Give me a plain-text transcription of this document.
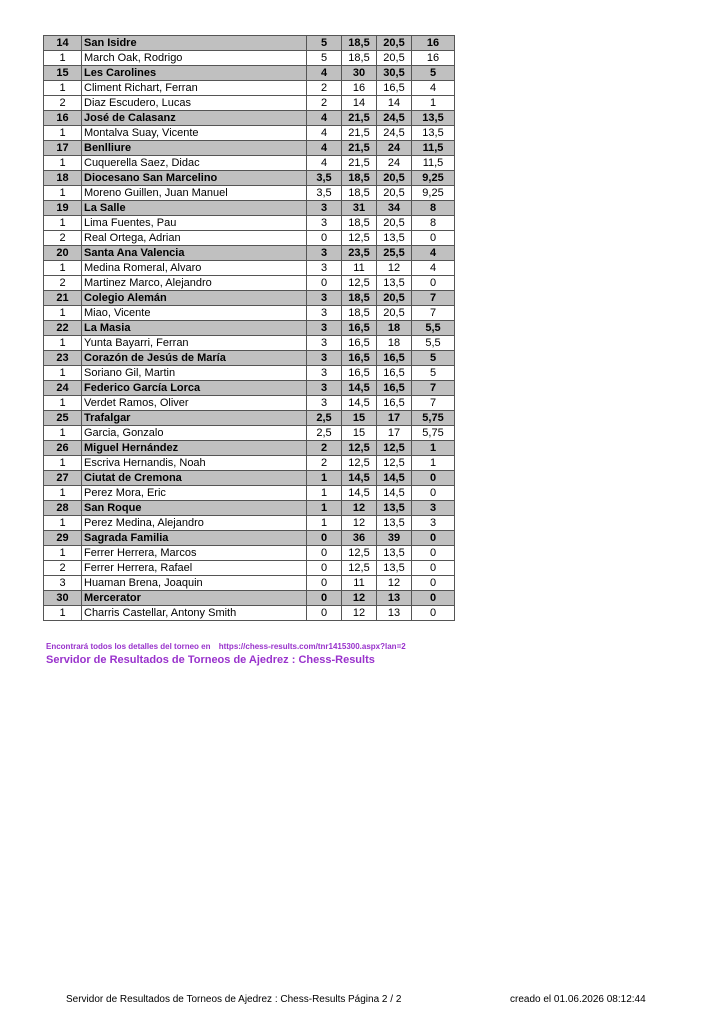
14	San Isidre	5	18,5	20,5	16
1	March Oak, Rodrigo	5	18,5	20,5	16
15	Les Carolines	4	30	30,5	5
1	Climent Richart, Ferran	2	16	16,5	4
2	Diaz Escudero, Lucas	2	14	14	1
16	José de Calasanz	4	21,5	24,5	13,5
1	Montalva Suay, Vicente	4	21,5	24,5	13,5
17	Benlliure	4	21,5	24	11,5
1	Cuquerella Saez, Didac	4	21,5	24	11,5
18	Diocesano San Marcelino	3,5	18,5	20,5	9,25
1	Moreno Guillen, Juan Manuel	3,5	18,5	20,5	9,25
19	La Salle	3	31	34	8
1	Lima Fuentes, Pau	3	18,5	20,5	8
2	Real Ortega, Adrian	0	12,5	13,5	0
20	Santa Ana Valencia	3	23,5	25,5	4
1	Medina Romeral, Alvaro	3	11	12	4
2	Martinez Marco, Alejandro	0	12,5	13,5	0
21	Colegio Alemán	3	18,5	20,5	7
1	Miao, Vicente	3	18,5	20,5	7
22	La Masia	3	16,5	18	5,5
1	Yunta Bayarri, Ferran	3	16,5	18	5,5
23	Corazón de Jesús de María	3	16,5	16,5	5
1	Soriano Gil, Martin	3	16,5	16,5	5
24	Federico García Lorca	3	14,5	16,5	7
1	Verdet Ramos, Oliver	3	14,5	16,5	7
25	Trafalgar	2,5	15	17	5,75
1	Garcia, Gonzalo	2,5	15	17	5,75
26	Miguel Hernández	2	12,5	12,5	1
1	Escriva Hernandis, Noah	2	12,5	12,5	1
27	Ciutat de Cremona	1	14,5	14,5	0
1	Perez Mora, Eric	1	14,5	14,5	0
28	San Roque	1	12	13,5	3
1	Perez Medina, Alejandro	1	12	13,5	3
29	Sagrada Familia	0	36	39	0
1	Ferrer Herrera, Marcos	0	12,5	13,5	0
2	Ferrer Herrera, Rafael	0	12,5	13,5	0
3	Huaman Brena, Joaquin	0	11	12	0
30	Mercerator	0	12	13	0
1	Charris Castellar, Antony Smith	0	12	13	0
Encontrará todos los detalles del torneo en https://chess-results.com/tnr1415300.aspx?lan=2
Servidor de Resultados de Torneos de Ajedrez : Chess-Results
Servidor de Resultados de Torneos de Ajedrez : Chess-Results Página 2 / 2	creado el 01.06.2026 08:12:44
